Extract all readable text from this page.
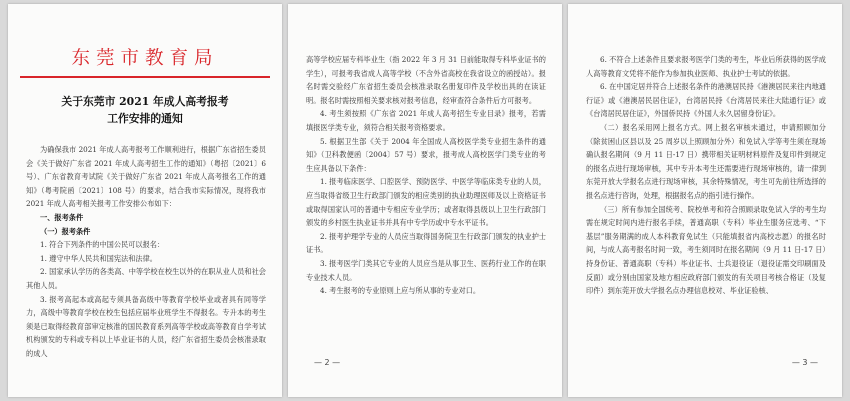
东莞市教育局
关于东莞市 2021 年成人高考报考
工作安排的通知

为确保我市 2021 年成人高考报考工作顺利进行，根据广东省招生委员会《关于做好广东省 2021 年成人高考招生工作的通知》（粤招〔2021〕6 号）、广东省教育考试院《关于做好广东省 2021 年成人高考报名工作的通知》（粤考院函〔2021〕108 号）的要求，结合我市实际情况，现将我市 2021 年成人高考相关报考工作安排公布如下：

一、报考条件

（一）报考条件

1. 符合下列条件的中国公民可以报名：

1. 遵守中华人民共和国宪法和法律。

2. 国家承认学历的各类高、中等学校在校生以外的在职从业人员和社会其他人员。

3. 报考高起本或高起专须具备高级中等教育学校毕业或者具有同等学力，高级中等教育学校在校生包括应届毕业班学生不得报名。专升本的考生须是已取得经教育部审定核准的国民教育系列高等学校或高等教育自学考试机构颁发的专科或专科以上毕业证书的人员，经广东省招生委员会核准录取的成人

高等学校应届专科毕业生（指 2022 年 3 月 31 日前能取得专科毕业证书的学生），可报考我省成人高等学校（不含外省高校在我省设立的函授站）。报名时需交验经广东省招生委员会核准录取名册复印件及学校出具的在读证明。报名时需按照相关要求核对报考信息，经审查符合条件后方可报考。

4. 考生须按照《广东省 2021 年成人高考招生专业目录》报考，若需填报医学类专业，须符合相关报考资格要求。

5. 根据卫生部《关于 2004 年全国成人高校医学类专业招生条件的通知》（卫科教便函〔2004〕57 号）要求，报考成人高校医学门类专业的考生应具备以下条件：

1. 报考临床医学、口腔医学、预防医学、中医学等临床类专业的人员，应当取得省级卫生行政部门颁发的相应类别的执业助理医师及以上资格证书或取得国家认可的普通中专相应专业学历；或者取得县级以上卫生行政部门颁发的乡村医生执业证书并具有中专学历或中专水平证书。

2. 报考护理学专业的人员应当取得国务院卫生行政部门颁发的执业护士证书。

3. 报考医学门类其它专业的人员应当是从事卫生、医药行业工作的在职专业技术人员。

4. 考生报考的专业原则上应与所从事的专业对口。

— 2 —

6. 不符合上述条件且要求报考医学门类的考生，毕业后所获得的医学成人高等教育文凭将不能作为参加执业医师、执业护士考试的依据。

6. 在中国定居并符合上述报名条件的港澳居民持《港澳居民来往内地通行证》或《港澳居民居住证》，台湾居民持《台湾居民来往大陆通行证》或《台湾居民居住证》，外国侨民持《外国人永久居留身份证》。

（二）报名采用网上报名方式。网上报名审核未通过，申请照顾加分（除贫困山区县以及 25 周岁以上照顾加分外）和免试入学等考生须在现场确认报名期间（9 月 11 日-17 日）携带相关证明材料原件及复印件到规定的报名点进行现场审核，其中专升本考生还需要进行现场审核的，请一律到东莞开放大学报名点进行现场审核，其余特殊情况，考生可先前往所选择的报名点进行咨询，处理，根据报名点的指引进行操作。

（三）所有参加全国统考、院校单考和符合照顾录取免试入学的考生均需在规定时间内进行报名手续，普通高职（专科）毕业生服务应选考、“下基层”服务期满的成人本科教育免试生（只能填报省内高校志愿）的报名时间，与成人高考报名时间一致，考生须同时在报名期间（9 月 11 日-17 日）持身份证、普通高职（专科）毕业证书、士兵退役证（退役证需交印刷面及反面）或分别由国家及地方相应政府部门颁发的有关项目考核合格证（及复印件）到东莞开放大学报名点办理信息校对、毕业证验核、

— 3 —
